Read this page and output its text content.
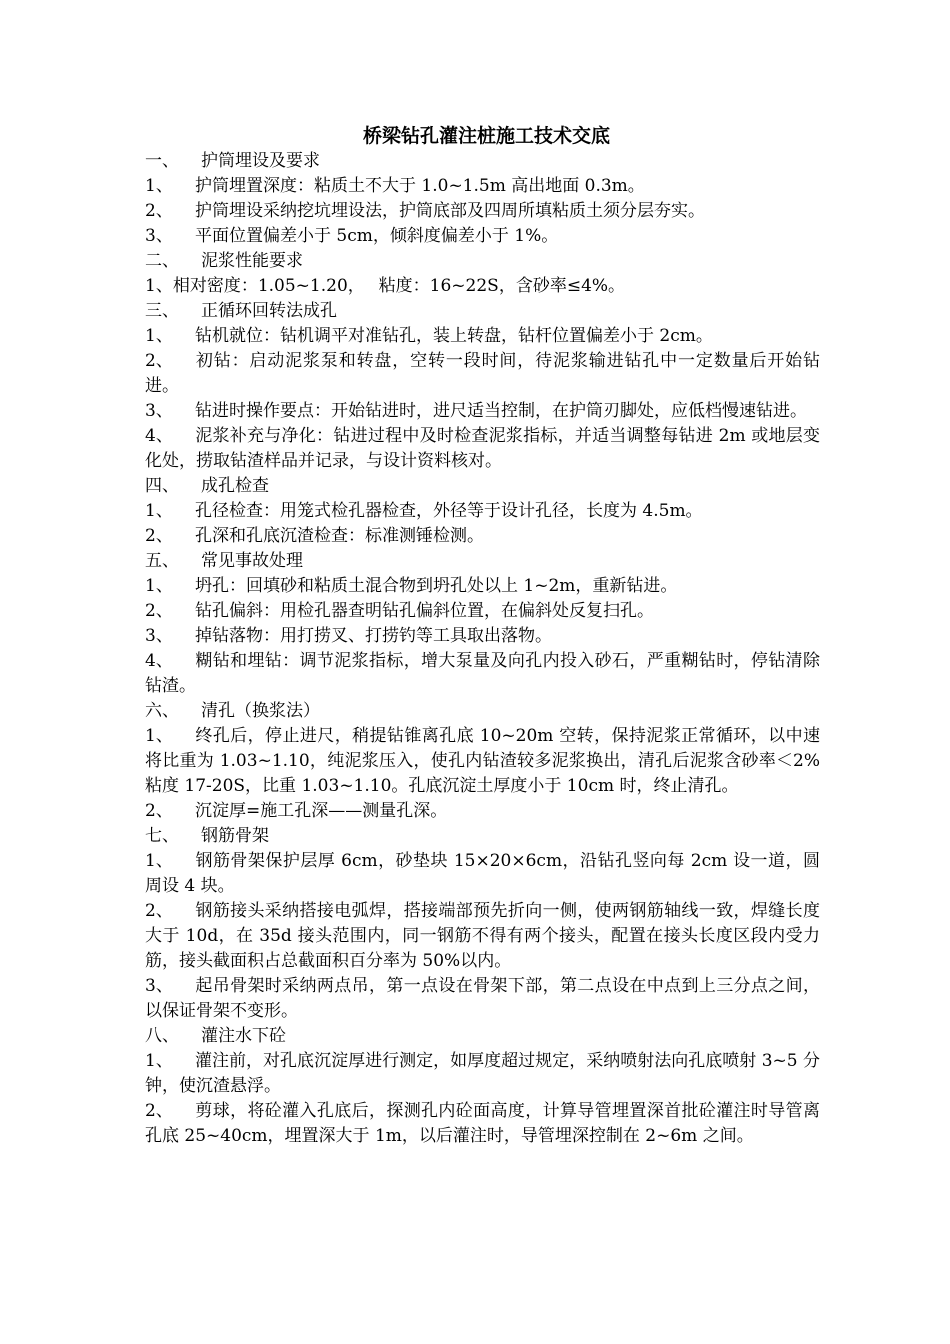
桥梁钻孔灌注桩施工技术交底
一、 护筒埋设及要求
1、 护筒埋置深度：粘质土不大于 1.0~1.5m 高出地面 0.3m。
2、 护筒埋设采纳挖坑埋设法，护筒底部及四周所填粘质土须分层夯实。
3、 平面位置偏差小于 5cm，倾斜度偏差小于 1%。
二、 泥浆性能要求
1、相对密度：1.05~1.20，　 粘度：16~22S，含砂率≤4%。
三、 正循环回转法成孔
1、 钻机就位：钻机调平对准钻孔，装上转盘，钻杆位置偏差小于 2cm。
2、 初钻：启动泥浆泵和转盘，空转一段时间，待泥浆输进钻孔中一定数量后开始钻进。
3、 钻进时操作要点：开始钻进时，进尺适当控制，在护筒刃脚处，应低档慢速钻进。
4、 泥浆补充与净化：钻进过程中及时检查泥浆指标，并适当调整每钻进 2m 或地层变化处，捞取钻渣样品并记录，与设计资料核对。
四、 成孔检查
1、 孔径检查：用笼式检孔器检查，外径等于设计孔径，长度为 4.5m。
2、 孔深和孔底沉渣检查：标准测锤检测。
五、 常见事故处理
1、 坍孔：回填砂和粘质土混合物到坍孔处以上 1~2m，重新钻进。
2、 钻孔偏斜：用检孔器查明钻孔偏斜位置，在偏斜处反复扫孔。
3、 掉钻落物：用打捞叉、打捞钓等工具取出落物。
4、 糊钻和埋钻：调节泥浆指标，增大泵量及向孔内投入砂石，严重糊钻时，停钻清除钻渣。
六、 清孔（换浆法）
1、 终孔后，停止进尺，稍提钻锥离孔底 10~20m 空转，保持泥浆正常循环，以中速将比重为 1.03~1.10，纯泥浆压入，使孔内钻渣较多泥浆换出，清孔后泥浆含砂率＜2%粘度 17-20S，比重 1.03~1.10。孔底沉淀土厚度小于 10cm 时，终止清孔。
2、 沉淀厚=施工孔深——测量孔深。
七、 钢筋骨架
1、 钢筋骨架保护层厚 6cm，砂垫块 15×20×6cm，沿钻孔竖向每 2cm 设一道，圆周设 4 块。
2、 钢筋接头采纳搭接电弧焊，搭接端部预先折向一侧，使两钢筋轴线一致，焊缝长度大于 10d，在 35d 接头范围内，同一钢筋不得有两个接头，配置在接头长度区段内受力筋，接头截面积占总截面积百分率为 50%以内。
3、 起吊骨架时采纳两点吊，第一点设在骨架下部，第二点设在中点到上三分点之间，以保证骨架不变形。
八、 灌注水下砼
1、 灌注前，对孔底沉淀厚进行测定，如厚度超过规定，采纳喷射法向孔底喷射 3~5 分钟，使沉渣悬浮。
2、 剪球，将砼灌入孔底后，探测孔内砼面高度，计算导管埋置深首批砼灌注时导管离孔底 25~40cm，埋置深大于 1m，以后灌注时，导管埋深控制在 2~6m 之间。
